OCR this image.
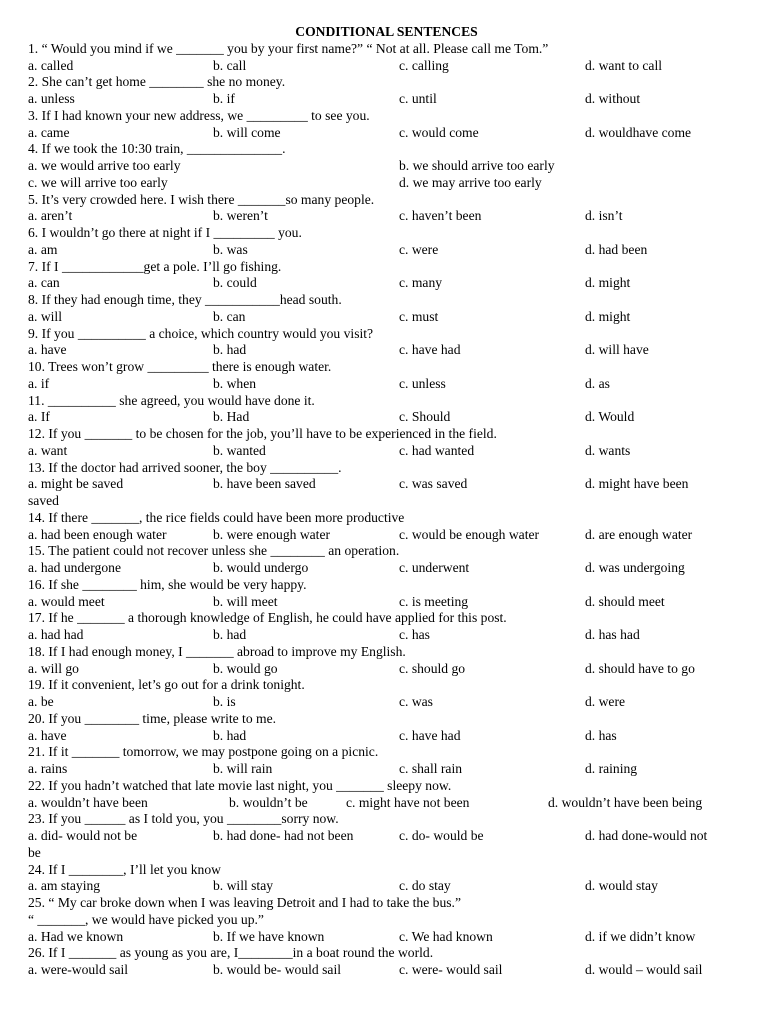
CONDITIONAL SENTENCES
1. “ Would you mind if we _______ you by your first name?” “ Not at all. Please call me Tom.”
a. called	b. call	c. calling	d. want to call
2. She can’t get home ________ she no money.
a. unless	b. if	c. until	d. without
3. If I had known your new address, we _________ to see you.
a. came	b. will come	c. would come	d. wouldhave come
4. If we took the 10:30 train, ______________.
a. we would arrive too early	b. we should arrive too early
c. we will arrive too early	d. we may arrive too early
5. It’s very crowded here. I wish there _______so many people.
a. aren’t	b. weren’t	c. haven’t been	d. isn’t
6. I wouldn’t go there at night if I _________ you.
a. am	b. was	c. were	d. had been
7. If I ____________get a pole. I’ll go fishing.
a. can	b. could	c. many	d. might
8. If they had enough time, they ___________head south.
a. will	b. can	c. must	d. might
9. If you __________ a choice, which country would you visit?
a. have	b. had	c. have had	d. will have
10. Trees won’t grow _________ there is enough water.
a. if	b. when	c. unless	d. as
11. __________ she agreed, you would have done it.
a. If	b. Had	c. Should	d. Would
12. If you _______ to be chosen for the job, you’ll have to be experienced in the field.
a. want	b. wanted	c. had wanted	d. wants
13. If the doctor had arrived sooner, the boy __________.
a. might be saved	b. have been saved	c. was saved	d. might have been
saved
14. If there _______, the rice fields could have been more productive
a. had been enough water	b. were enough water	c. would be enough water	d. are enough water
15. The patient could not recover unless she ________ an operation.
a. had undergone	b. would undergo	c. underwent	d. was undergoing
16. If she ________ him, she would be very happy.
a. would meet	b. will meet	c. is meeting	d. should meet
17. If he _______ a thorough knowledge of English, he could have applied for this post.
a. had had	b. had	c. has	d. has had
18. If I had enough money, I _______ abroad to improve my English.
a. will go	b. would go	c. should go	d. should have to go
19. If it convenient, let’s go out for a drink tonight.
a. be	b. is	c. was	d. were
20. If you ________ time, please write to me.
a. have	b. had	c. have had	d. has
21. If it _______ tomorrow, we may postpone going on a picnic.
a. rains	b. will rain	c. shall rain	d. raining
22. If you hadn’t watched that late movie last night, you _______ sleepy now.
a. wouldn’t have been	b. wouldn’t be	c. might have not been	d. wouldn’t have been being
23. If you ______ as I told you, you ________sorry now.
a. did- would not be	b. had done- had not been	c. do- would be	d. had done-would not
be
24. If I ________, I’ll let you know
a. am staying	b. will stay	c. do stay	d. would stay
25. “ My car broke down when I was leaving Detroit and I had to take the bus.”
“ _______, we would have picked you up.”
a. Had we known	b. If we have known	c. We had known	d. if we didn’t know
26. If I _______ as young as you are, I________in a boat round the world.
a. were-would sail	b. would be- would sail	c. were- would sail	d. would – would sail
